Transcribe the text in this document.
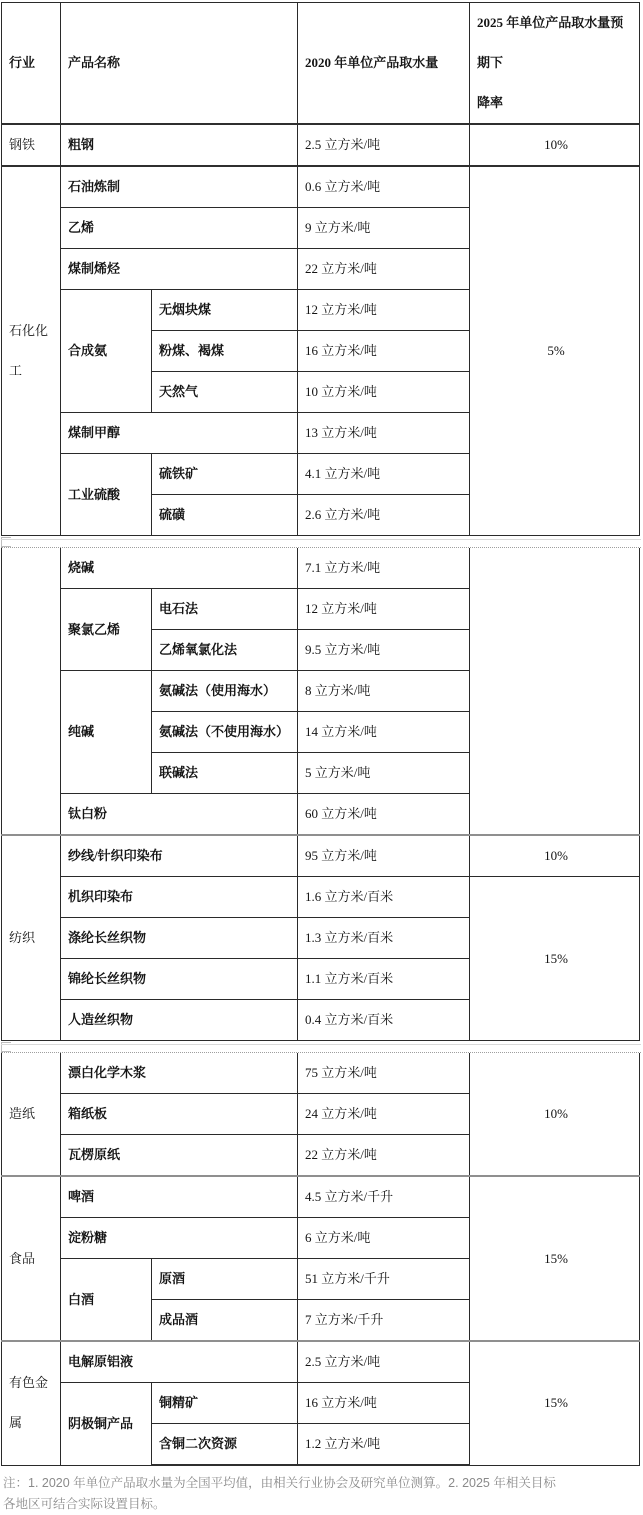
行业	产品名称		2020 年单位产品取水量	2025 年单位产品取水量预期下
降率

钢铁	粗钢		2.5 立方米/吨	10%
石化化工	石油炼制		0.6 立方米/吨	5%
	乙烯		9 立方米/吨	
	煤制烯烃		22 立方米/吨	
	合成氨	无烟块煤	12 立方米/吨	
		粉煤、褐煤	16 立方米/吨	
		天然气	10 立方米/吨	
	煤制甲醇		13 立方米/吨	
	工业硫酸	硫铁矿	4.1 立方米/吨	
		硫磺	2.6 立方米/吨	
	烧碱		7.1 立方米/吨	
	聚氯乙烯	电石法	12 立方米/吨	
		乙烯氧氯化法	9.5 立方米/吨	
	纯碱	氨碱法（使用海水）	8 立方米/吨	
		氨碱法（不使用海水）	14 立方米/吨	
		联碱法	5 立方米/吨	
	钛白粉		60 立方米/吨	
纺织	纱线/针织印染布		95 立方米/吨	10%
	机织印染布		1.6 立方米/百米	15%
	涤纶长丝织物		1.3 立方米/百米	
	锦纶长丝织物		1.1 立方米/百米	
	人造丝织物		0.4 立方米/百米	
造纸	漂白化学木浆		75 立方米/吨	10%
	箱纸板		24 立方米/吨	
	瓦楞原纸		22 立方米/吨	
食品	啤酒		4.5 立方米/千升	15%
	淀粉糖		6 立方米/吨	
	白酒	原酒	51 立方米/千升	
		成品酒	7 立方米/千升	
有色金属	电解原铝液		2.5 立方米/吨	15%
	阴极铜产品	铜精矿	16 立方米/吨	
		含铜二次资源	1.2 立方米/吨	
注：1. 2020 年单位产品取水量为全国平均值，由相关行业协会及研究单位测算。2. 2025 年相关目标
各地区可结合实际设置目标。
